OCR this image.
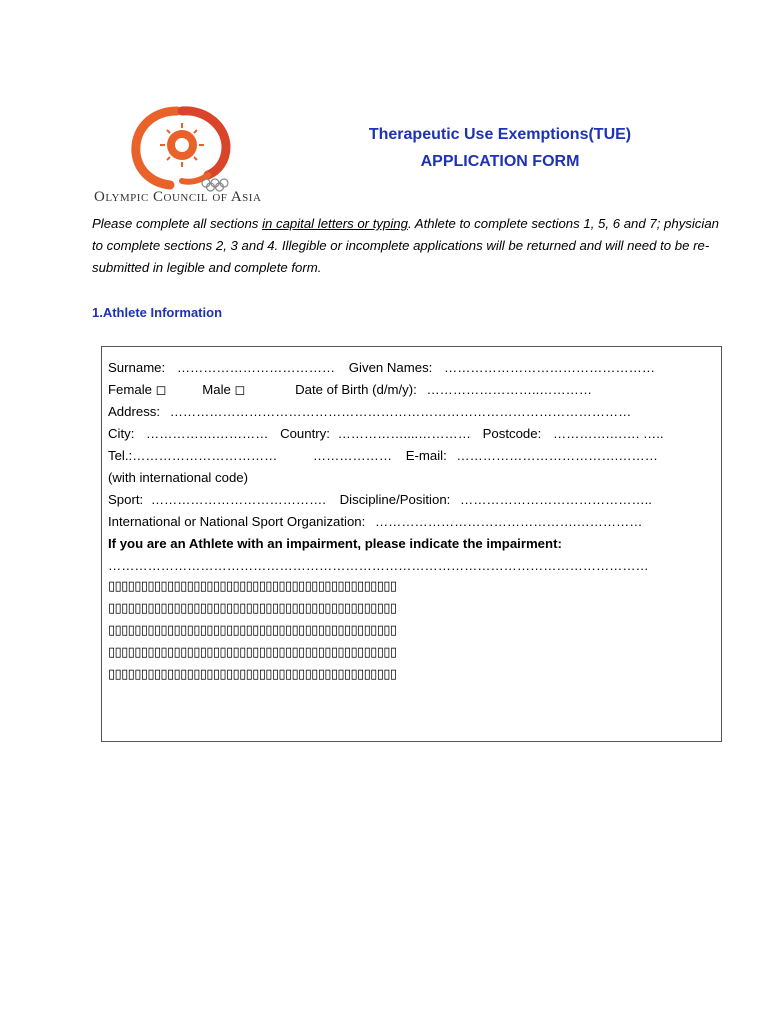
Olympic Council of Asia
Therapeutic Use Exemptions(TUE)
APPLICATION FORM
Please complete all sections in capital letters or typing. Athlete to complete sections 1, 5, 6 and 7; physician to complete sections 2, 3 and 4. Illegible or incomplete applications will be returned and will need to be re-submitted in legible and complete form.
1.Athlete Information
Surname: ……………………………… Given Names: …………………………………………
Female ◻	Male ◻	Date of Birth (d/m/y): ……………………..…………
Address: ……………………………………………………………………………………………
City: …………….………… Country: ……………....………… Postcode: ………….……. …..
Tel.:……………………………	……………… E-mail: ……………………………….………
(with international code)
Sport: …………………………………. Discipline/Position: ……………………………………..
International or National Sport Organization: ……………………………………….……………
If you are an Athlete with an impairment, please indicate the impairment:
……………………………………………………………………………………………………………
▯▯▯▯▯▯▯▯▯▯▯▯▯▯▯▯▯▯▯▯▯▯▯▯▯▯▯▯▯▯▯▯▯▯▯▯▯▯▯▯▯▯▯▯
▯▯▯▯▯▯▯▯▯▯▯▯▯▯▯▯▯▯▯▯▯▯▯▯▯▯▯▯▯▯▯▯▯▯▯▯▯▯▯▯▯▯▯▯
▯▯▯▯▯▯▯▯▯▯▯▯▯▯▯▯▯▯▯▯▯▯▯▯▯▯▯▯▯▯▯▯▯▯▯▯▯▯▯▯▯▯▯▯
▯▯▯▯▯▯▯▯▯▯▯▯▯▯▯▯▯▯▯▯▯▯▯▯▯▯▯▯▯▯▯▯▯▯▯▯▯▯▯▯▯▯▯▯
▯▯▯▯▯▯▯▯▯▯▯▯▯▯▯▯▯▯▯▯▯▯▯▯▯▯▯▯▯▯▯▯▯▯▯▯▯▯▯▯▯▯▯▯
